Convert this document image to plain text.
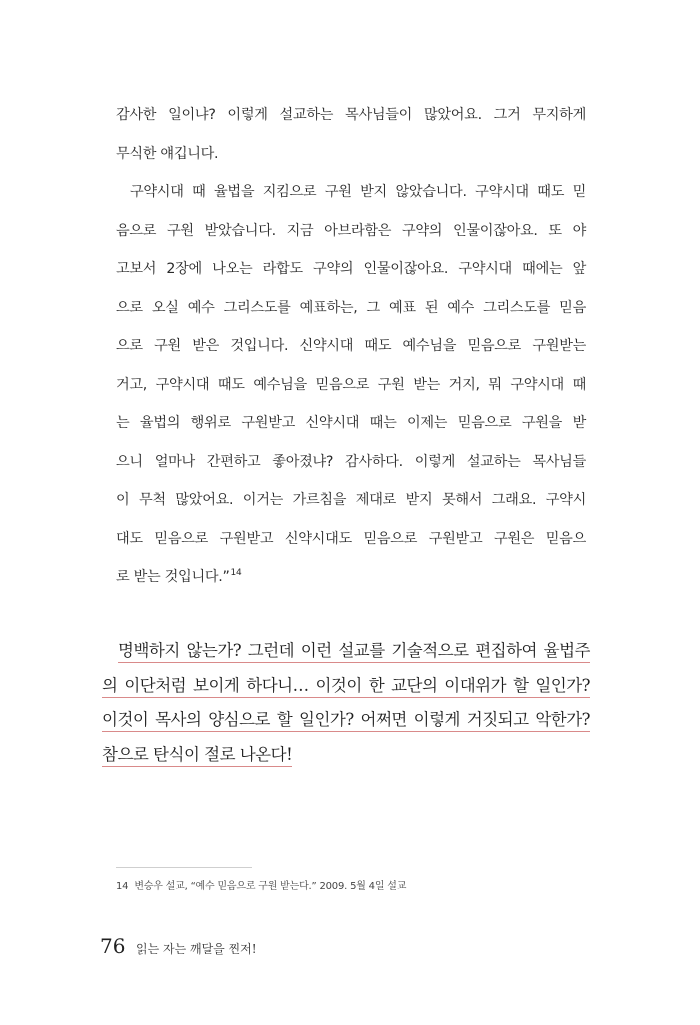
감사한 일이냐? 이렇게 설교하는 목사님들이 많았어요. 그거 무지하게
무식한 얘깁니다.
구약시대 때 율법을 지킴으로 구원 받지 않았습니다. 구약시대 때도 믿
음으로 구원 받았습니다. 지금 아브라함은 구약의 인물이잖아요. 또 야
고보서 2장에 나오는 라합도 구약의 인물이잖아요. 구약시대 때에는 앞
으로 오실 예수 그리스도를 예표하는, 그 예표 된 예수 그리스도를 믿음
으로 구원 받은 것입니다. 신약시대 때도 예수님을 믿음으로 구원받는
거고, 구약시대 때도 예수님을 믿음으로 구원 받는 거지, 뭐 구약시대 때
는 율법의 행위로 구원받고 신약시대 때는 이제는 믿음으로 구원을 받
으니 얼마나 간편하고 좋아졌냐? 감사하다. 이렇게 설교하는 목사님들
이 무척 많았어요. 이거는 가르침을 제대로 받지 못해서 그래요. 구약시
대도 믿음으로 구원받고 신약시대도 믿음으로 구원받고 구원은 믿음으
로 받는 것입니다.”$^{14}$
명백하지 않는가? 그런데 이런 설교를 기술적으로 편집하여 율법주
의 이단처럼 보이게 하다니… 이것이 한 교단의 이대위가 할 일인가?
이것이 목사의 양심으로 할 일인가? 어쩌면 이렇게 거짓되고 악한가?
참으로 탄식이 절로 나온다!
14 변승우 설교, “예수 믿음으로 구원 받는다.” 2009. 5월 4일 설교
76 읽는 자는 깨달을 찐저!
